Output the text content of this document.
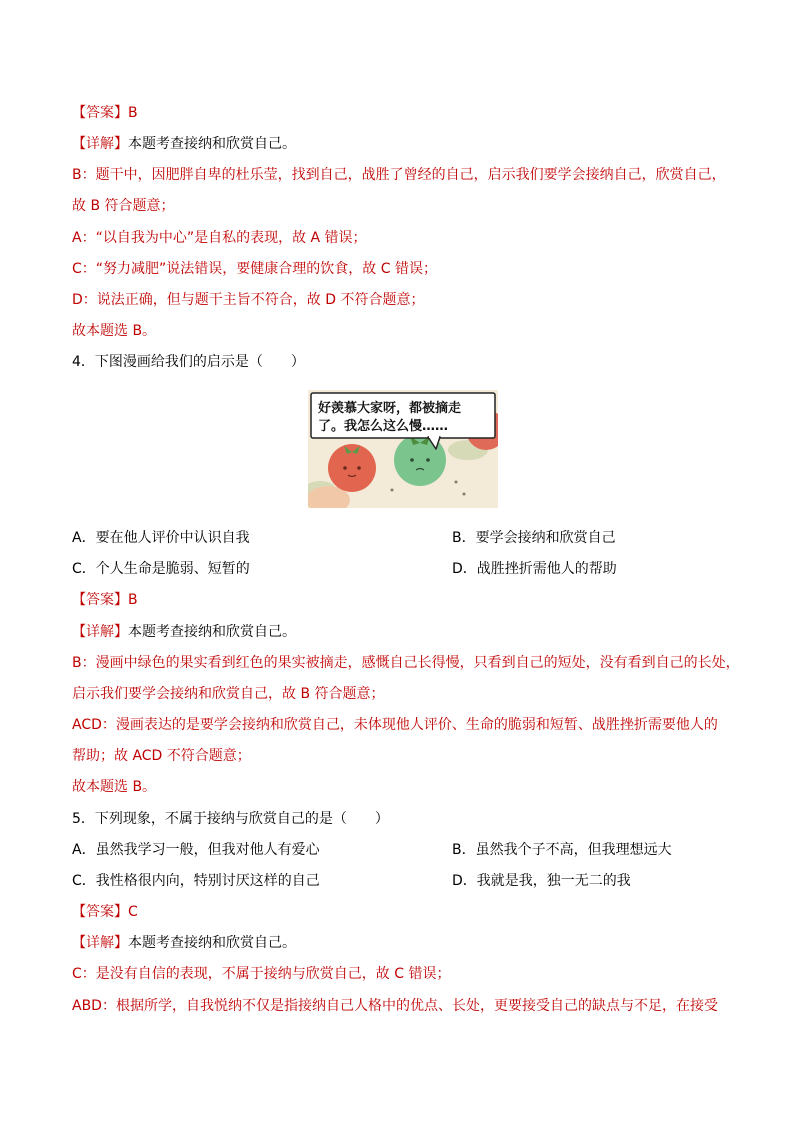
【答案】B
【详解】本题考查接纳和欣赏自己。
B：题干中，因肥胖自卑的杜乐莹，找到自己，战胜了曾经的自己，启示我们要学会接纳自己，欣赏自己，
故 B 符合题意；
A：“以自我为中心”是自私的表现，故 A 错误；
C：“努力减肥”说法错误，要健康合理的饮食，故 C 错误；
D：说法正确，但与题干主旨不符合，故 D 不符合题意；
故本题选 B。
4．下图漫画给我们的启示是（　　）
好羡慕大家呀，都被摘走
了。我怎么这么慢……
A．要在他人评价中认识自我	B．要学会接纳和欣赏自己
C．个人生命是脆弱、短暂的	D．战胜挫折需他人的帮助
【答案】B
【详解】本题考查接纳和欣赏自己。
B：漫画中绿色的果实看到红色的果实被摘走，感慨自己长得慢，只看到自己的短处，没有看到自己的长处，
启示我们要学会接纳和欣赏自己，故 B 符合题意；
ACD：漫画表达的是要学会接纳和欣赏自己，未体现他人评价、生命的脆弱和短暂、战胜挫折需要他人的
帮助；故 ACD 不符合题意；
故本题选 B。
5．下列现象，不属于接纳与欣赏自己的是（　　）
A．虽然我学习一般，但我对他人有爱心	B．虽然我个子不高，但我理想远大
C．我性格很内向，特别讨厌这样的自己	D．我就是我，独一无二的我
【答案】C
【详解】本题考查接纳和欣赏自己。
C：是没有自信的表现，不属于接纳与欣赏自己，故 C 错误；
ABD：根据所学，自我悦纳不仅是指接纳自己人格中的优点、长处，更要接受自己的缺点与不足，在接受
